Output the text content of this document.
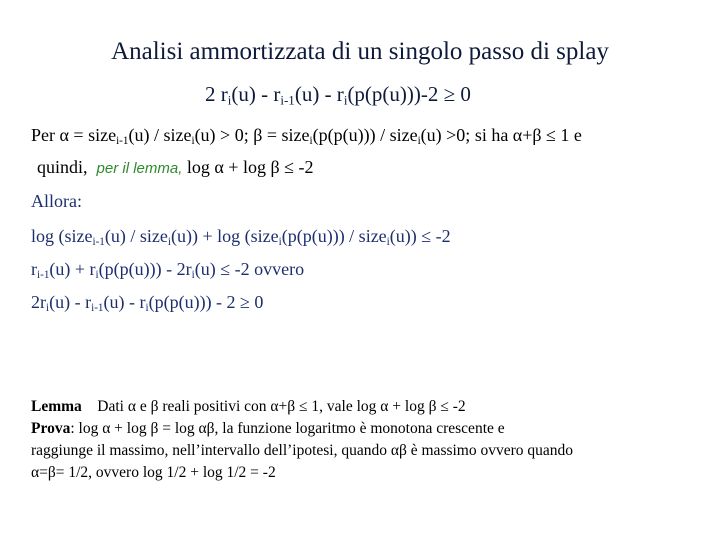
Analisi ammortizzata di un singolo passo di splay
2 $r_i(u) - r_{i-1}(u) - r_i(p(p(u)))-2 \ge 0$
Per α = size$_{i-1}$(u) / size$_i$(u) > 0; β = size$_i$(p(p(u))) / size$_i$(u) >0; si ha α+β ≤ 1 e
quindi, per il lemma, log α + log β ≤ -2
Allora:
log (size$_{i-1}$(u) / size$_i$(u)) + log (size$_i$(p(p(u))) / size$_i$(u)) ≤ -2
$r_{i-1}(u) + r_i(p(p(u))) - 2r_i(u) \le -2$ ovvero
$2r_i(u) - r_{i-1}(u) - r_i(p(p(u))) - 2 \ge 0$
Lemma Dati α e β reali positivi con α+β ≤ 1, vale log α + log β ≤ -2
Prova: log α + log β = log αβ, la funzione logaritmo è monotona crescente e
raggiunge il massimo, nell’intervallo dell’ipotesi, quando αβ è massimo ovvero quando
α=β= 1/2, ovvero log 1/2 + log 1/2 = -2
